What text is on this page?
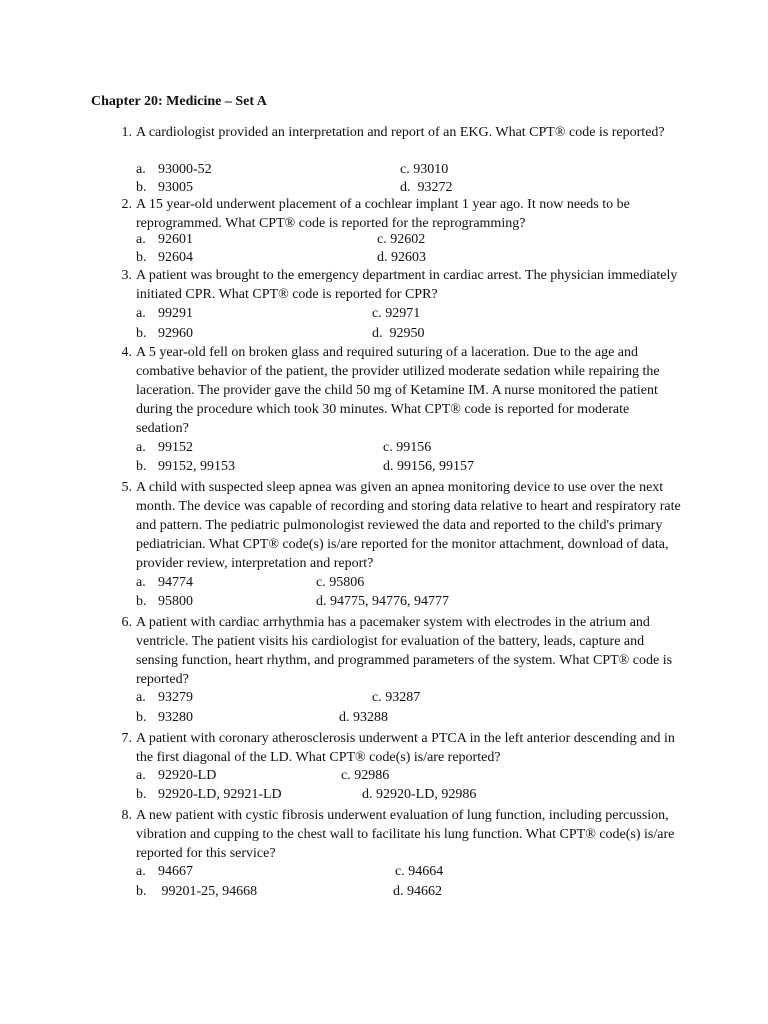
Chapter 20: Medicine – Set A
1. A cardiologist provided an interpretation and report of an EKG. What CPT® code is reported?
a. 93000-52	c. 93010
b. 93005	d.  93272
2. A 15 year-old underwent placement of a cochlear implant 1 year ago. It now needs to be reprogrammed. What CPT® code is reported for the reprogramming?
a. 92601	c. 92602
b. 92604	d. 92603
3. A patient was brought to the emergency department in cardiac arrest. The physician immediately initiated CPR. What CPT® code is reported for CPR?
a. 99291	c. 92971
b. 92960	d.  92950
4. A 5 year-old fell on broken glass and required suturing of a laceration. Due to the age and combative behavior of the patient, the provider utilized moderate sedation while repairing the laceration. The provider gave the child 50 mg of Ketamine IM. A nurse monitored the patient during the procedure which took 30 minutes. What CPT® code is reported for moderate sedation?
a. 99152	c. 99156
b. 99152, 99153	d. 99156, 99157
5. A child with suspected sleep apnea was given an apnea monitoring device to use over the next month. The device was capable of recording and storing data relative to heart and respiratory rate and pattern. The pediatric pulmonologist reviewed the data and reported to the child's primary pediatrician. What CPT® code(s) is/are reported for the monitor attachment, download of data, provider review, interpretation and report?
a. 94774	c. 95806
b. 95800	d. 94775, 94776, 94777
6. A patient with cardiac arrhythmia has a pacemaker system with electrodes in the atrium and ventricle. The patient visits his cardiologist for evaluation of the battery, leads, capture and sensing function, heart rhythm, and programmed parameters of the system. What CPT® code is reported?
a. 93279	c. 93287
b. 93280	d. 93288
7. A patient with coronary atherosclerosis underwent a PTCA in the left anterior descending and in the first diagonal of the LD. What CPT® code(s) is/are reported?
a. 92920-LD	c. 92986
b. 92920-LD, 92921-LD	d. 92920-LD, 92986
8. A new patient with cystic fibrosis underwent evaluation of lung function, including percussion, vibration and cupping to the chest wall to facilitate his lung function. What CPT® code(s) is/are reported for this service?
a. 94667	c. 94664
b. 99201-25, 94668	d. 94662
